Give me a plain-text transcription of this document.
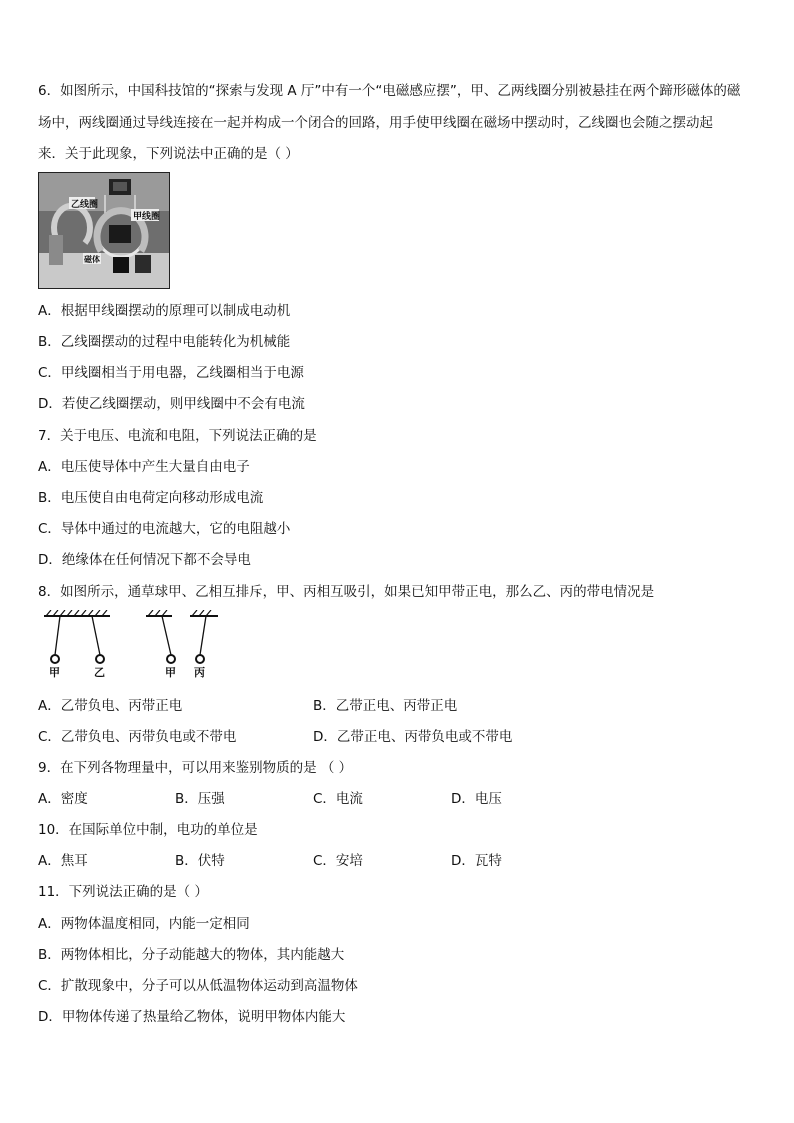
6．如图所示，中国科技馆的“探索与发现 A 厅”中有一个“电磁感应摆”，甲、乙两线圈分别被悬挂在两个蹄形磁体的磁
场中，两线圈通过导线连接在一起并构成一个闭合的回路，用手使甲线圈在磁场中摆动时，乙线圈也会随之摆动起
来．关于此现象，下列说法中正确的是（ ）
乙线圈
甲线圈
磁体
A．根据甲线圈摆动的原理可以制成电动机
B．乙线圈摆动的过程中电能转化为机械能
C．甲线圈相当于用电器，乙线圈相当于电源
D．若使乙线圈摆动，则甲线圈中不会有电流
7．关于电压、电流和电阻，下列说法正确的是
A．电压使导体中产生大量自由电子
B．电压使自由电荷定向移动形成电流
C．导体中通过的电流越大，它的电阻越小
D．绝缘体在任何情况下都不会导电
8．如图所示，通草球甲、乙相互排斥，甲、丙相互吸引，如果已知甲带正电，那么乙、丙的带电情况是
甲	乙	甲 丙
A．乙带负电、丙带正电	B．乙带正电、丙带正电
C．乙带负电、丙带负电或不带电	D．乙带正电、丙带负电或不带电
9．在下列各物理量中，可以用来鉴别物质的是 （ ）
A．密度	B．压强	C．电流	D．电压
10．在国际单位中制，电功的单位是
A．焦耳	B．伏特	C．安培	D．瓦特
11．下列说法正确的是（ ）
A．两物体温度相同，内能一定相同
B．两物体相比，分子动能越大的物体，其内能越大
C．扩散现象中，分子可以从低温物体运动到高温物体
D．甲物体传递了热量给乙物体，说明甲物体内能大
